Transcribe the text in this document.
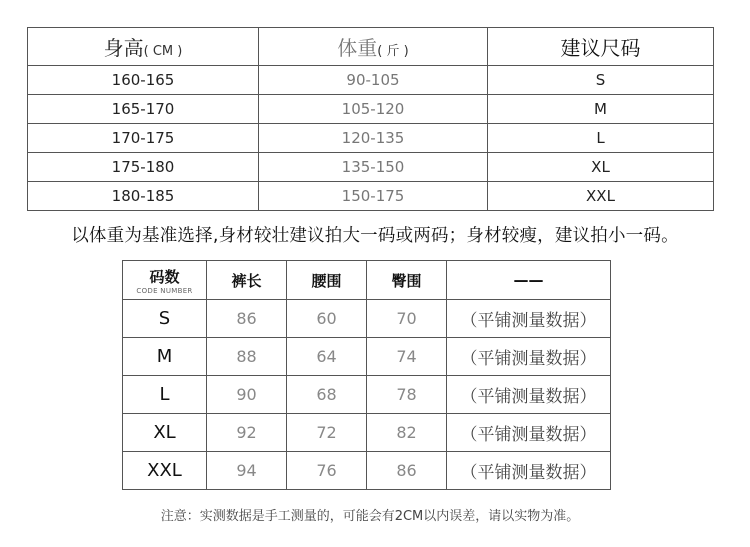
身高( CM )	体重( 斤 )	建议尺码
160-165	90-105	S
165-170	105-120	M
170-175	120-135	L
175-180	135-150	XL
180-185	150-175	XXL
以体重为基准选择,身材较壮建议拍大一码或两码；身材较瘦，建议拍小一码。
码数
CODE NUMBER	裤长	腰围	臀围	——
S	86	60	70	（平铺测量数据）
M	88	64	74	（平铺测量数据）
L	90	68	78	（平铺测量数据）
XL	92	72	82	（平铺测量数据）
XXL	94	76	86	（平铺测量数据）
注意：实测数据是手工测量的，可能会有2CM以内误差，请以实物为准。
